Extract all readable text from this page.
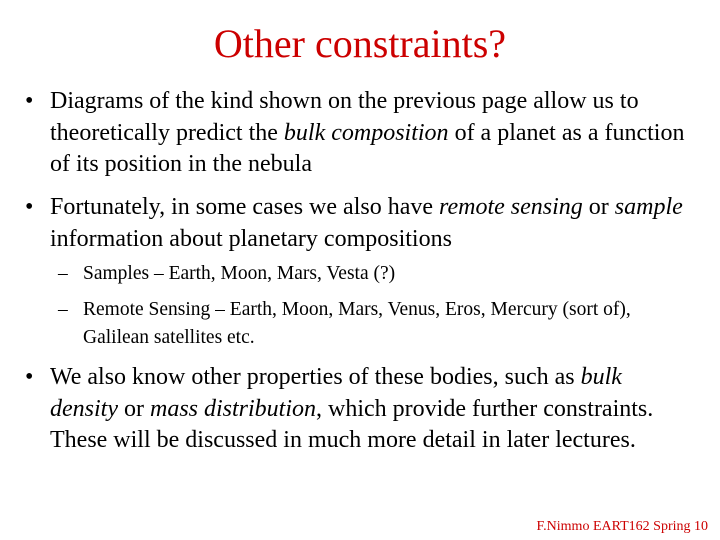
Other constraints?
• Diagrams of the kind shown on the previous page allow us to theoretically predict the bulk composition of a planet as a function of its position in the nebula
• Fortunately, in some cases we also have remote sensing or sample information about planetary compositions
– Samples – Earth, Moon, Mars, Vesta (?)
– Remote Sensing – Earth, Moon, Mars, Venus, Eros, Mercury (sort of), Galilean satellites etc.
• We also know other properties of these bodies, such as bulk density or mass distribution, which provide further constraints. These will be discussed in much more detail in later lectures.
F.Nimmo EART162 Spring 10
